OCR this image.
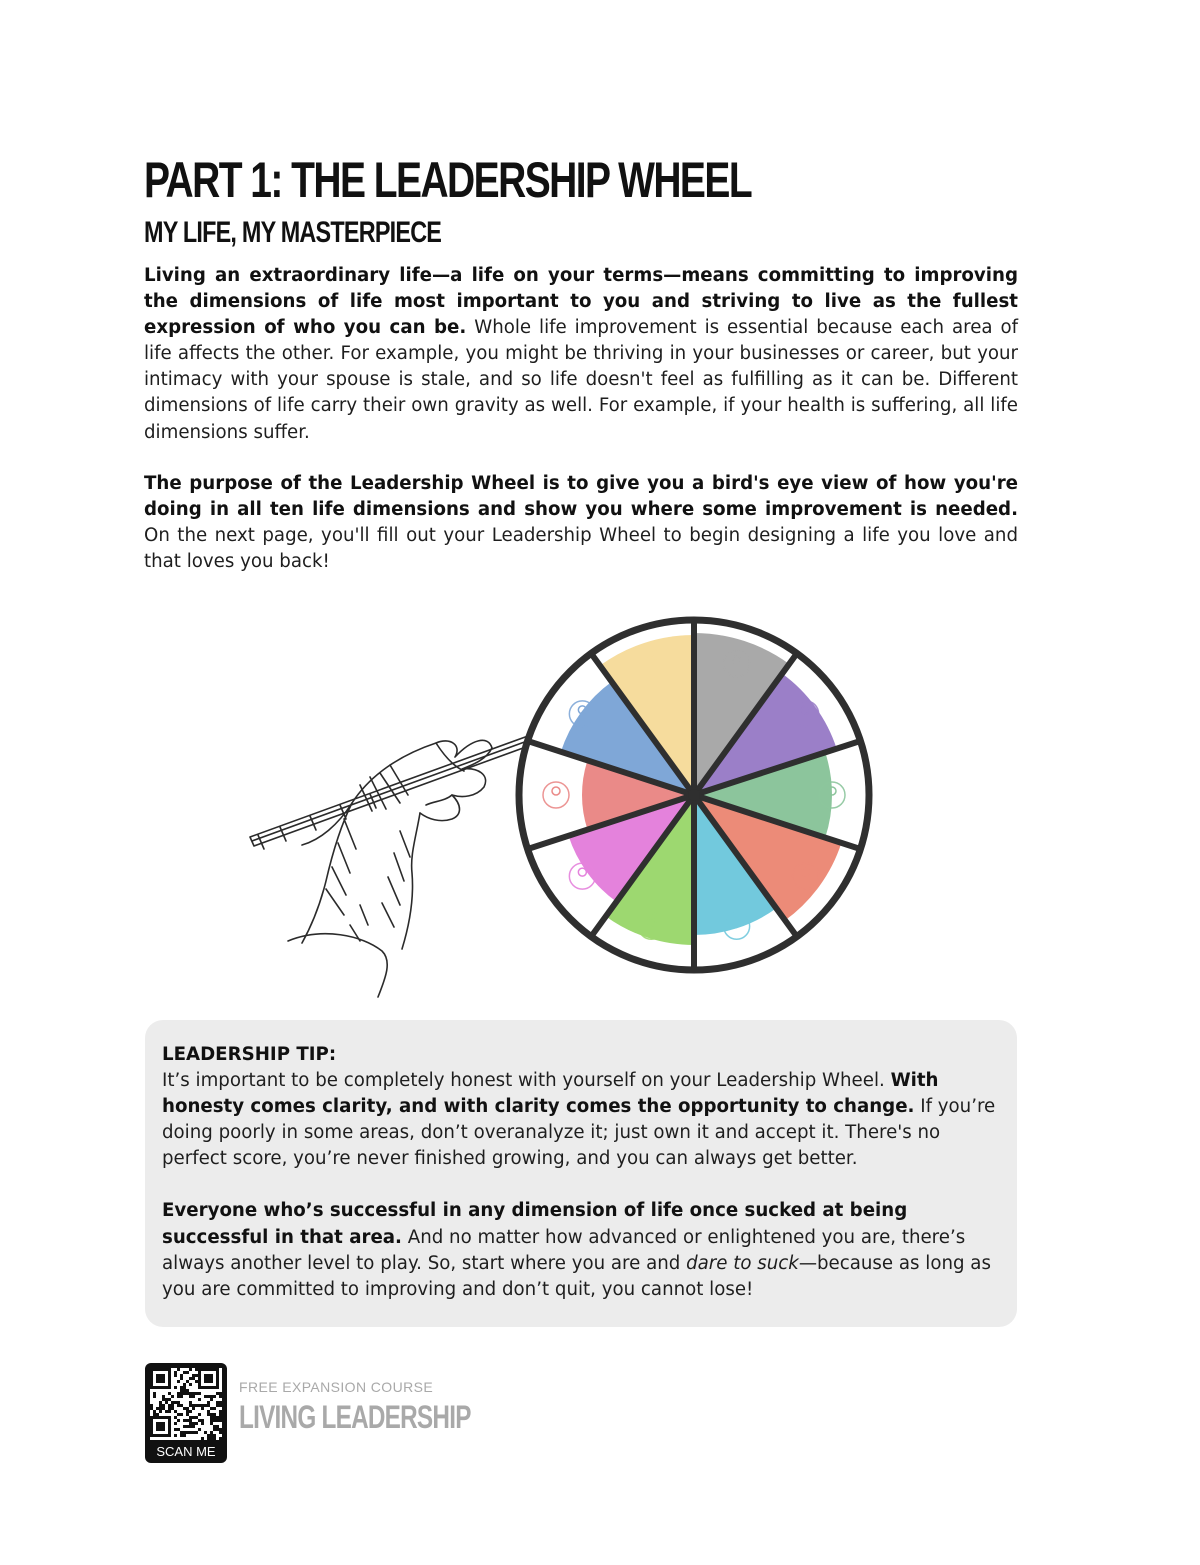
PART 1: THE LEADERSHIP WHEEL
MY LIFE, MY MASTERPIECE

Living an extraordinary life—a life on your terms—means committing to improving the dimensions of life most important to you and striving to live as the fullest expression of who you can be. Whole life improvement is essential because each area of life affects the other. For example, you might be thriving in your businesses or career, but your intimacy with your spouse is stale, and so life doesn't feel as fulfilling as it can be. Different dimensions of life carry their own gravity as well. For example, if your health is suffering, all life dimensions suffer.

The purpose of the Leadership Wheel is to give you a bird's eye view of how you're doing in all ten life dimensions and show you where some improvement is needed. On the next page, you'll fill out your Leadership Wheel to begin designing a life you love and that loves you back!

LEADERSHIP TIP:

It’s important to be completely honest with yourself on your Leadership Wheel. With honesty comes clarity, and with clarity comes the opportunity to change. If you’re doing poorly in some areas, don’t overanalyze it; just own it and accept it. There's no perfect score, you’re never finished growing, and you can always get better.

Everyone who’s successful in any dimension of life once sucked at being successful in that area. And no matter how advanced or enlightened you are, there’s always another level to play. So, start where you are and dare to suck—because as long as you are committed to improving and don’t quit, you cannot lose!

SCAN ME
FREE EXPANSION COURSE
LIVING LEADERSHIP
